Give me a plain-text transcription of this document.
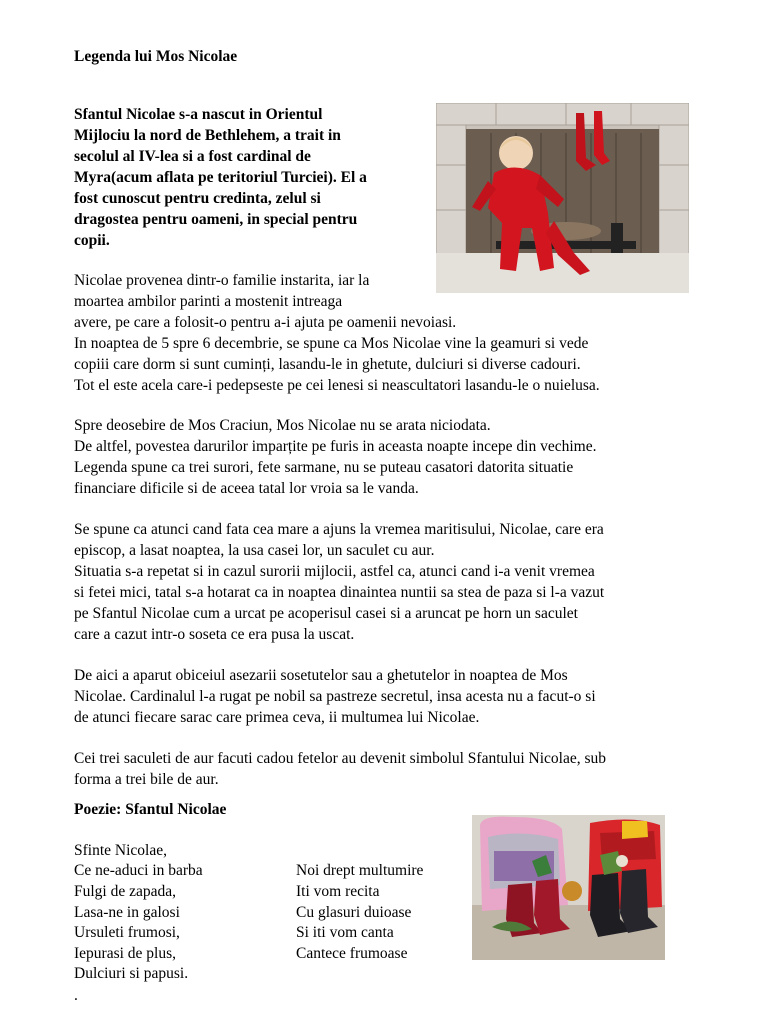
Legenda lui Mos Nicolae
Sfantul Nicolae s-a nascut in Orientul
Mijlociu la nord de Bethlehem, a trait in
secolul al IV-lea si a fost cardinal de
Myra(acum aflata pe teritoriul Turciei). El a
fost cunoscut pentru credinta, zelul si
dragostea pentru oameni, in special pentru
copii.
Nicolae provenea dintr-o familie instarita, iar la
moartea ambilor parinti a mostenit intreaga
avere, pe care a folosit-o pentru a-i ajuta pe oamenii nevoiasi.
In noaptea de 5 spre 6 decembrie, se spune ca Mos Nicolae vine la geamuri si vede
copiii care dorm si sunt cuminți, lasandu-le in ghetute, dulciuri si diverse cadouri.
Tot el este acela care-i pedepseste pe cei lenesi si neascultatori lasandu-le o nuielusa.
Spre deosebire de Mos Craciun, Mos Nicolae nu se arata niciodata.
De altfel, povestea darurilor imparțite pe furis in aceasta noapte incepe din vechime.
Legenda spune ca trei surori, fete sarmane, nu se puteau casatori datorita situatie
financiare dificile si de aceea tatal lor vroia sa le vanda.
Se spune ca atunci cand fata cea mare a ajuns la vremea maritisului, Nicolae, care era
episcop, a lasat noaptea, la usa casei lor, un saculet cu aur.
Situatia s-a repetat si in cazul surorii mijlocii, astfel ca, atunci cand i-a venit vremea
si fetei mici, tatal s-a hotarat ca in noaptea dinaintea nuntii sa stea de paza si l-a vazut
pe Sfantul Nicolae cum a urcat pe acoperisul casei si a aruncat pe horn un saculet
care a cazut intr-o soseta ce era pusa la uscat.
De aici a aparut obiceiul asezarii sosetutelor sau a ghetutelor in noaptea de Mos
Nicolae. Cardinalul l-a rugat pe nobil sa pastreze secretul, insa acesta nu a facut-o si
de atunci fiecare sarac care primea ceva, ii multumea lui Nicolae.
Cei trei saculeti de aur facuti cadou fetelor au devenit simbolul Sfantului Nicolae, sub
forma a trei bile de aur.
Poezie: Sfantul Nicolae
Sfinte Nicolae,
Ce ne-aduci in barba
Fulgi de zapada,
Lasa-ne in galosi
Ursuleti frumosi,
Iepurasi de plus,
Dulciuri si papusi.
.
Noi drept multumire
Iti vom recita
Cu glasuri duioase
Si iti vom canta
Cantece frumoase
